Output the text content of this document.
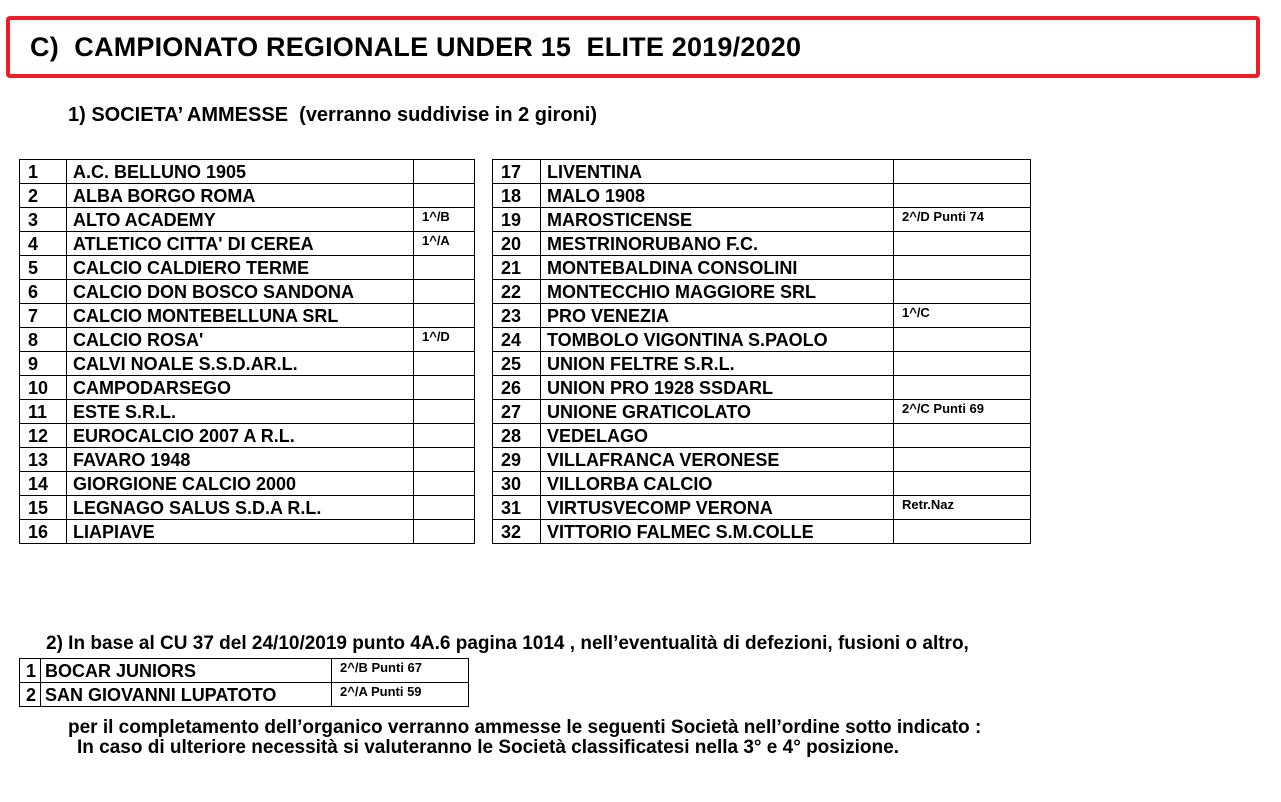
C)  CAMPIONATO REGIONALE UNDER 15  ELITE 2019/2020
1) SOCIETA’ AMMESSE  (verranno suddivise in 2 gironi)
1	A.C. BELLUNO 1905	
2	ALBA BORGO ROMA	
3	ALTO ACADEMY	1^/B
4	ATLETICO CITTA' DI CEREA	1^/A
5	CALCIO CALDIERO TERME	
6	CALCIO DON BOSCO SANDONA	
7	CALCIO MONTEBELLUNA SRL	
8	CALCIO ROSA'	1^/D
9	CALVI NOALE S.S.D.AR.L.	
10	CAMPODARSEGO	
11	ESTE S.R.L.	
12	EUROCALCIO 2007 A R.L.	
13	FAVARO 1948	
14	GIORGIONE CALCIO 2000	
15	LEGNAGO SALUS S.D.A R.L.	
16	LIAPIAVE	
17	LIVENTINA	
18	MALO 1908	
19	MAROSTICENSE	2^/D Punti 74
20	MESTRINORUBANO F.C.	
21	MONTEBALDINA CONSOLINI	
22	MONTECCHIO MAGGIORE SRL	
23	PRO VENEZIA	1^/C
24	TOMBOLO VIGONTINA S.PAOLO	
25	UNION FELTRE S.R.L.	
26	UNION PRO 1928 SSDARL	
27	UNIONE GRATICOLATO	2^/C Punti 69
28	VEDELAGO	
29	VILLAFRANCA VERONESE	
30	VILLORBA CALCIO	
31	VIRTUSVECOMP VERONA	Retr.Naz
32	VITTORIO FALMEC S.M.COLLE	

2) In base al CU 37 del 24/10/2019 punto 4A.6 pagina 1014 , nell’eventualità di defezioni, fusioni o altro,

per il completamento dell’organico verranno ammesse le seguenti Società nell’ordine sotto indicato :

1	BOCAR JUNIORS	2^/B Punti 67
2	SAN GIOVANNI LUPATOTO	2^/A Punti 59
In caso di ulteriore necessità si valuteranno le Società classificatesi nella 3° e 4° posizione.
